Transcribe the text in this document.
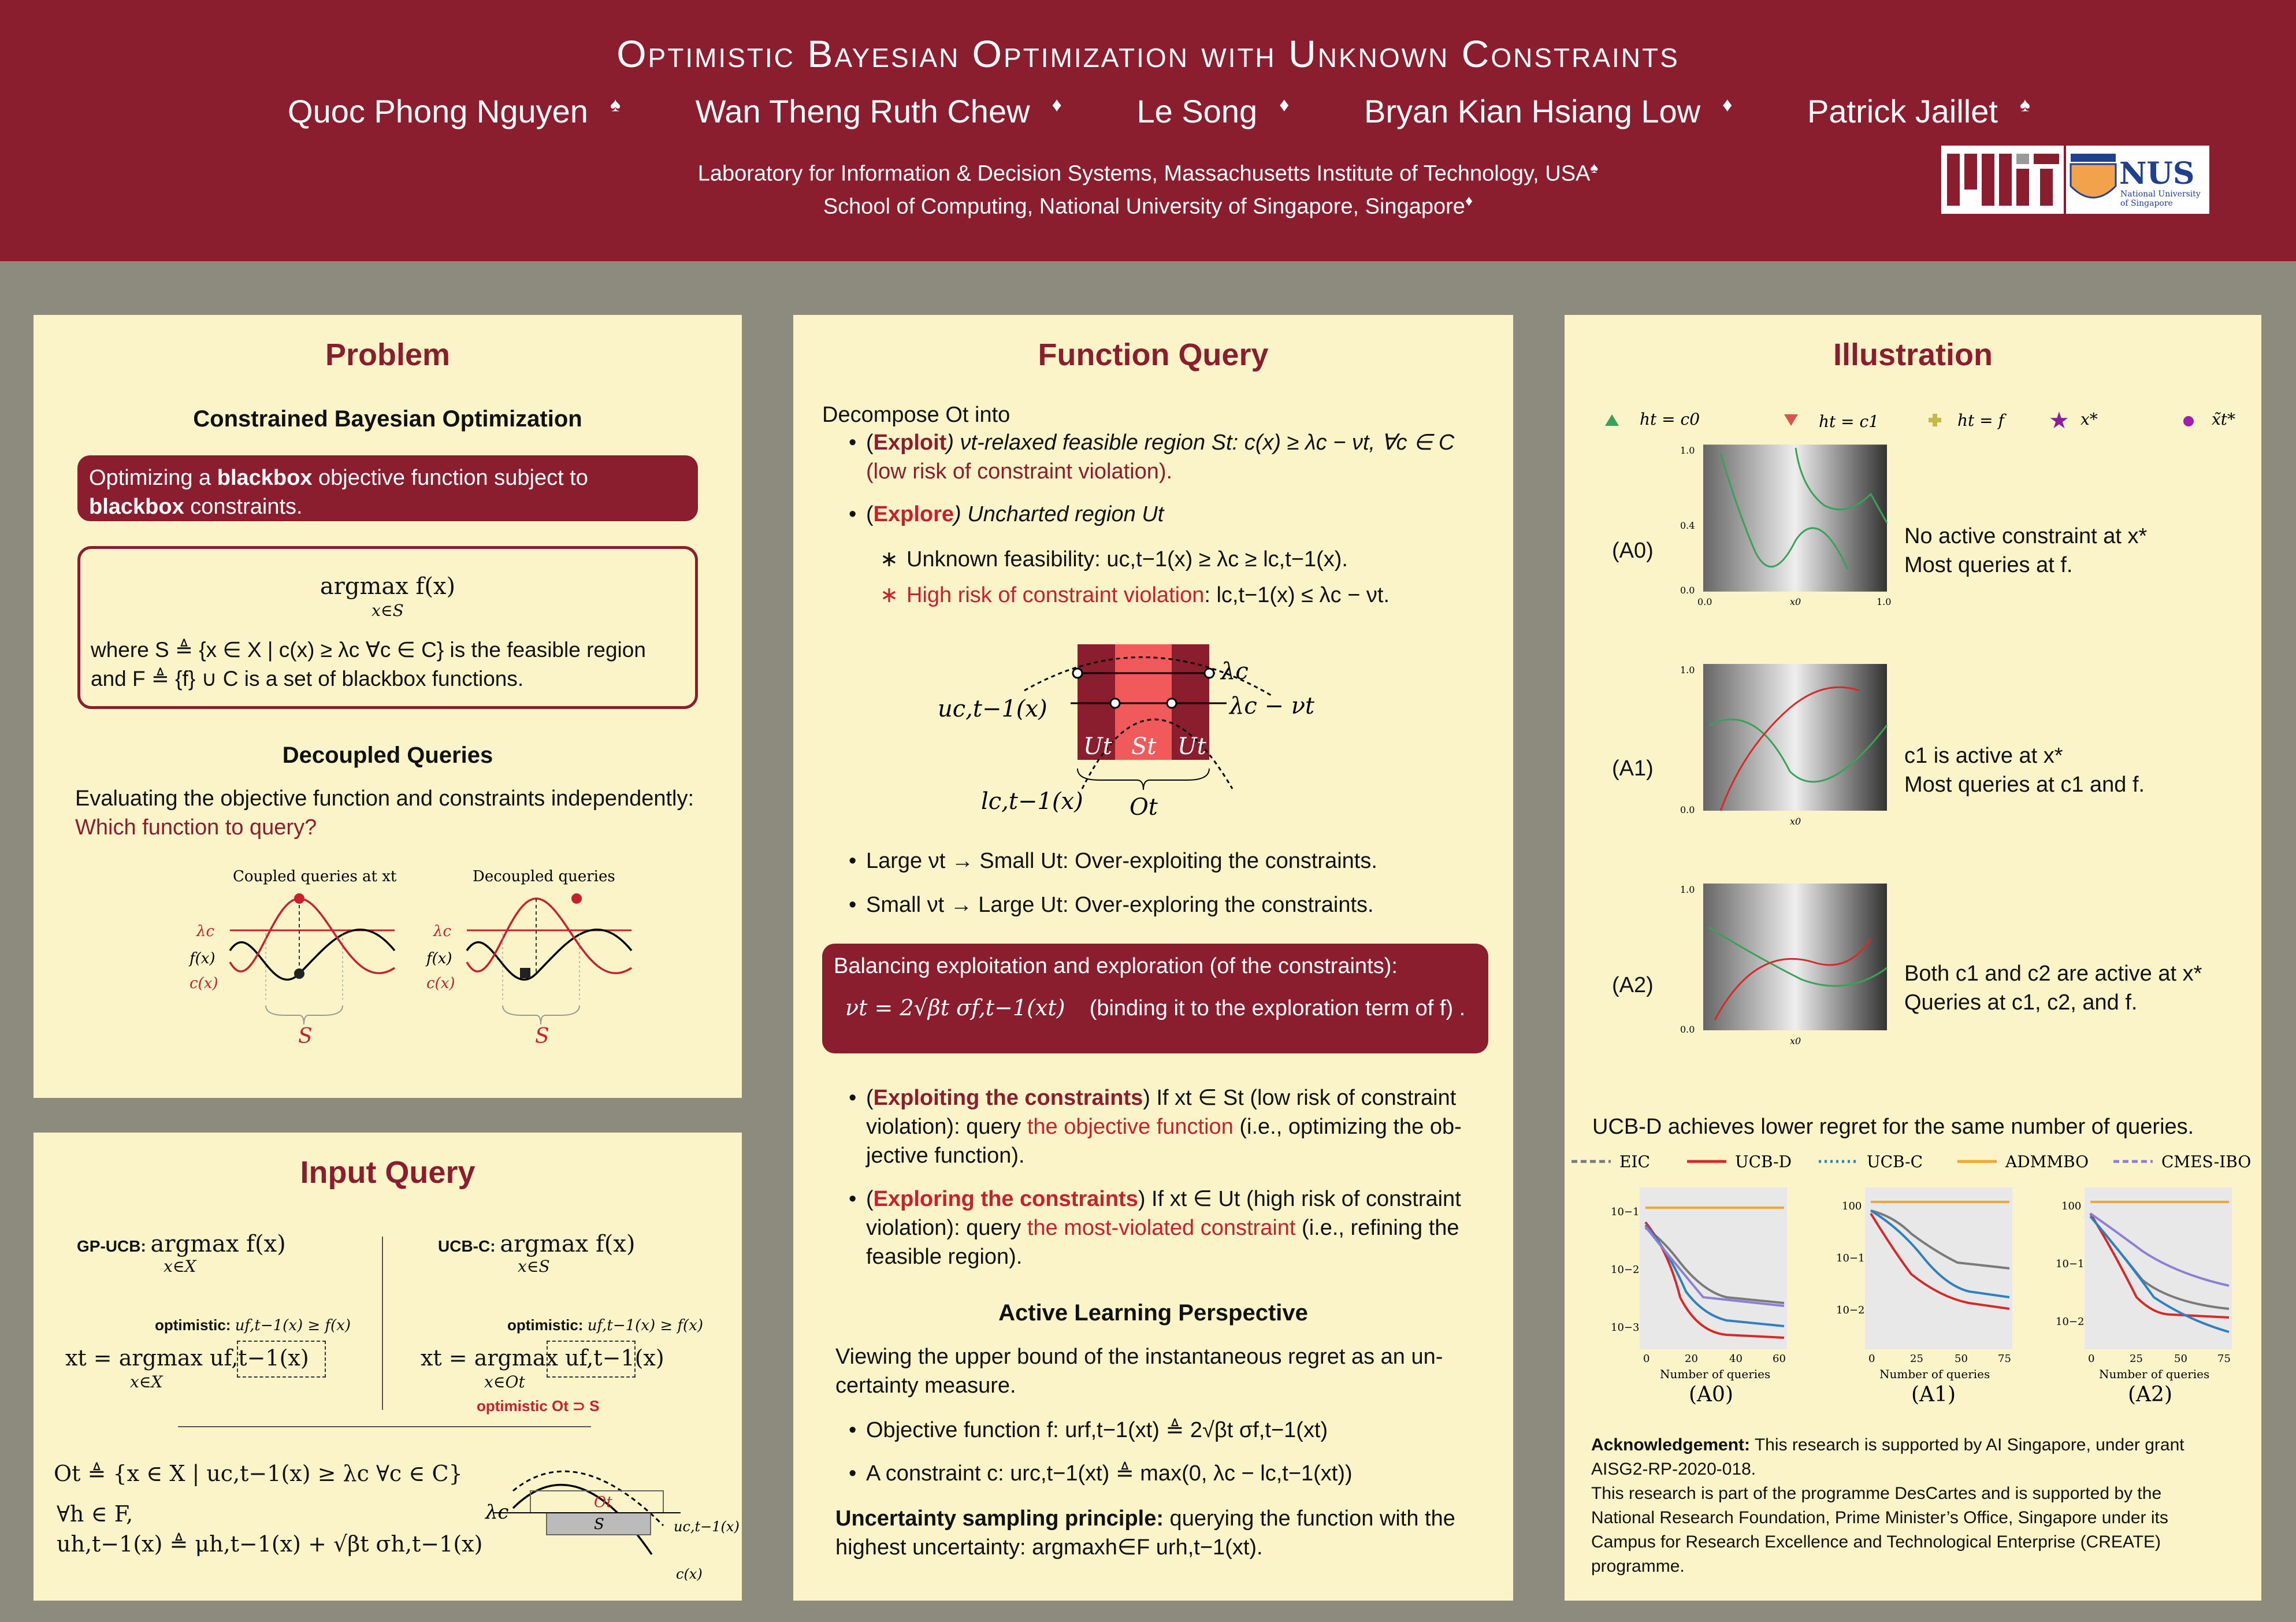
Optimistic Bayesian Optimization with Unknown Constraints
Quoc Phong Nguyen ♠ Wan Theng Ruth Chew ♦ Le Song ♦ Bryan Kian Hsiang Low ♦ Patrick Jaillet ♠
Laboratory for Information & Decision Systems, Massachusetts Institute of Technology, USA♠
School of Computing, National University of Singapore, Singapore♦
NUS
National University
of Singapore
Problem
Constrained Bayesian Optimization
Optimizing a blackbox objective function subject to blackbox constraints.
argmax f(x)
x∈S
where S ≜ {x ∈ X | c(x) ≥ λc ∀c ∈ C} is the feasible region
and F ≜ {f} ∪ C is a set of blackbox functions.
Decoupled Queries
Evaluating the objective function and constraints independently:
Which function to query?
Coupled queries at xt	Decoupled queries
λc
f(x)
c(x)
S
λc
f(x)
c(x)
S
Input Query
GP-UCB: argmax f(x)
x∈X
UCB-C: argmax f(x)
x∈S
optimistic: uf,t−1(x) ≥ f(x)	optimistic: uf,t−1(x) ≥ f(x)
xt = argmax uf,t−1(x)
x∈X
xt = argmax uf,t−1(x)
x∈Ot
optimistic Ot ⊃ S
Ot ≜ {x ∈ X | uc,t−1(x) ≥ λc ∀c ∈ C}
∀h ∈ F,
uh,t−1(x) ≜ μh,t−1(x) + √βt σh,t−1(x)
λc	Ot
S	uc,t−1(x)
c(x)
Function Query
Decompose Ot into
• (Exploit) νt-relaxed feasible region St: c(x) ≥ λc − νt, ∀c ∈ C
(low risk of constraint violation).
• (Explore) Uncharted region Ut
∗ Unknown feasibility: uc,t−1(x) ≥ λc ≥ lc,t−1(x).
∗ High risk of constraint violation: lc,t−1(x) ≤ λc − νt.
uc,t−1(x)
lc,t−1(x)
λc
λc − νt
Ut St Ut
Ot
• Large νt → Small Ut: Over-exploiting the constraints.
• Small νt → Large Ut: Over-exploring the constraints.
Balancing exploitation and exploration (of the constraints):
νt = 2√βt σf,t−1(xt) (binding it to the exploration term of f) .
• (Exploiting the constraints) If xt ∈ St (low risk of constraint
violation): query the objective function (i.e., optimizing the ob-
jective function).
• (Exploring the constraints) If xt ∈ Ut (high risk of constraint
violation): query the most-violated constraint (i.e., refining the
feasible region).
Active Learning Perspective
Viewing the upper bound of the instantaneous regret as an un-
certainty measure.
• Objective function f: urf,t−1(xt) ≜ 2√βt σf,t−1(xt)
• A constraint c: urc,t−1(xt) ≜ max(0, λc − lc,t−1(xt))
Uncertainty sampling principle: querying the function with the
highest uncertainty: argmaxh∈F urh,t−1(xt).
Illustration
ht = c0	ht = c1	ht = f ★ x*	x̃t*
(A0)
1.0
0.4
0.0
0.0	1.0
x0
No active constraint at x*
Most queries at f.
(A1)
1.0
0.0
x0
c1 is active at x*
Most queries at c1 and f.
(A2)
1.0
0.0
x0
Both c1 and c2 are active at x*
Queries at c1, c2, and f.
UCB-D achieves lower regret for the same number of queries.
EIC	UCB-D	UCB-C	ADMMBO	CMES-IBO
10−1
10−2
10−3
0	20	40	60
Number of queries
(A0)
100
10−1
10−2
0	25	50	75
Number of queries
(A1)
100
10−1
10−2
0	25	50	75
Number of queries
(A2)
Acknowledgement: This research is supported by AI Singapore, under grant
AISG2-RP-2020-018.
This research is part of the programme DesCartes and is supported by the
National Research Foundation, Prime Minister’s Office, Singapore under its
Campus for Research Excellence and Technological Enterprise (CREATE)
programme.
